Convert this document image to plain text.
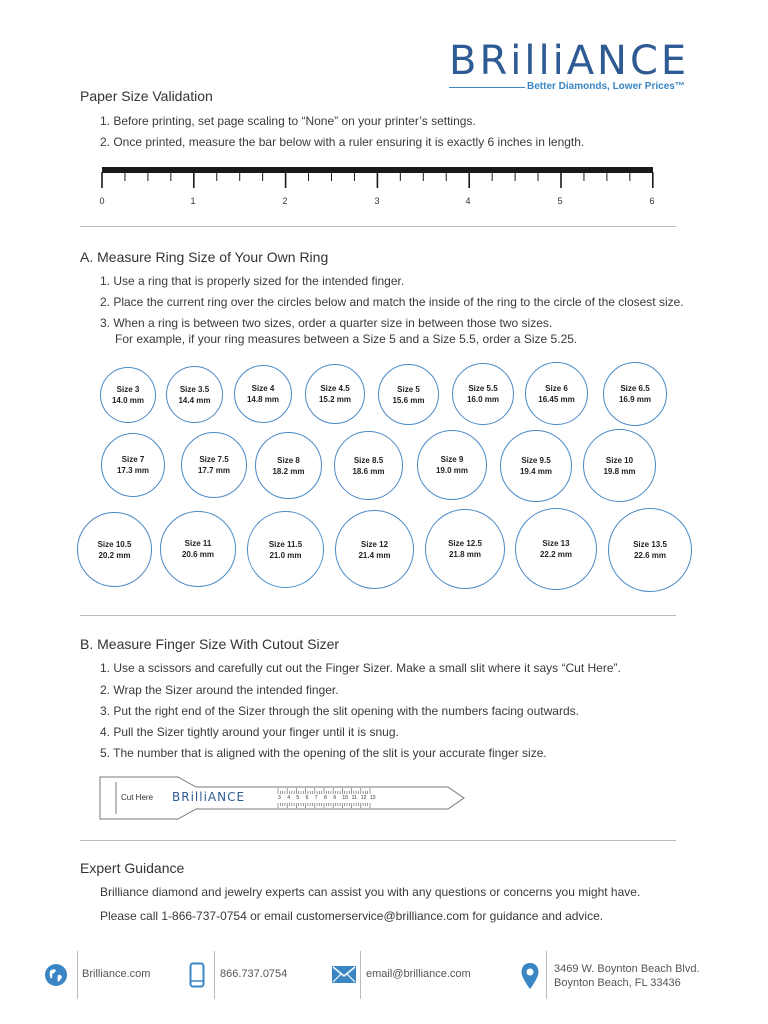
BRilliANCE
Better Diamonds, Lower Prices™
Paper Size Validation
1. Before printing, set page scaling to “None” on your printer’s settings.
2. Once printed, measure the bar below with a ruler ensuring it is exactly 6 inches in length.
0	1	2	3	4	5	6
A. Measure Ring Size of Your Own Ring
1. Use a ring that is properly sized for the intended finger.
2. Place the current ring over the circles below and match the inside of the ring to the circle of the closest size.
3. When a ring is between two sizes, order a quarter size in between those two sizes.
For example, if your ring measures between a Size 5 and a Size 5.5, order a Size 5.25.
Size 3
14.0 mm
Size 3.5
14.4 mm
Size 4
14.8 mm
Size 4.5
15.2 mm
Size 5
15.6 mm
Size 5.5
16.0 mm
Size 6
16.45 mm
Size 6.5
16.9 mm
Size 7
17.3 mm
Size 7.5
17.7 mm
Size 8
18.2 mm
Size 8.5
18.6 mm
Size 9
19.0 mm
Size 9.5
19.4 mm
Size 10
19.8 mm
Size 10.5
20.2 mm
Size 11
20.6 mm
Size 11.5
21.0 mm
Size 12
21.4 mm
Size 12.5
21.8 mm
Size 13
22.2 mm
Size 13.5
22.6 mm
B. Measure Finger Size With Cutout Sizer
1. Use a scissors and carefully cut out the Finger Sizer. Make a small slit where it says “Cut Here”.
2. Wrap the Sizer around the intended finger.
3. Put the right end of the Sizer through the slit opening with the numbers facing outwards.
4. Pull the Sizer tightly around your finger until it is snug.
5. The number that is aligned with the opening of the slit is your accurate finger size.
Cut Here BRilliANCE	3 4 5 6 7 8 9 10 11 12 13
Expert Guidance
Brilliance diamond and jewelry experts can assist you with any questions or concerns you might have.
Please call 1-866-737-0754 or email customerservice@brilliance.com for guidance and advice.
Brilliance.com	866.737.0754	email@brilliance.com	3469 W. Boynton Beach Blvd.
Boynton Beach, FL 33436
